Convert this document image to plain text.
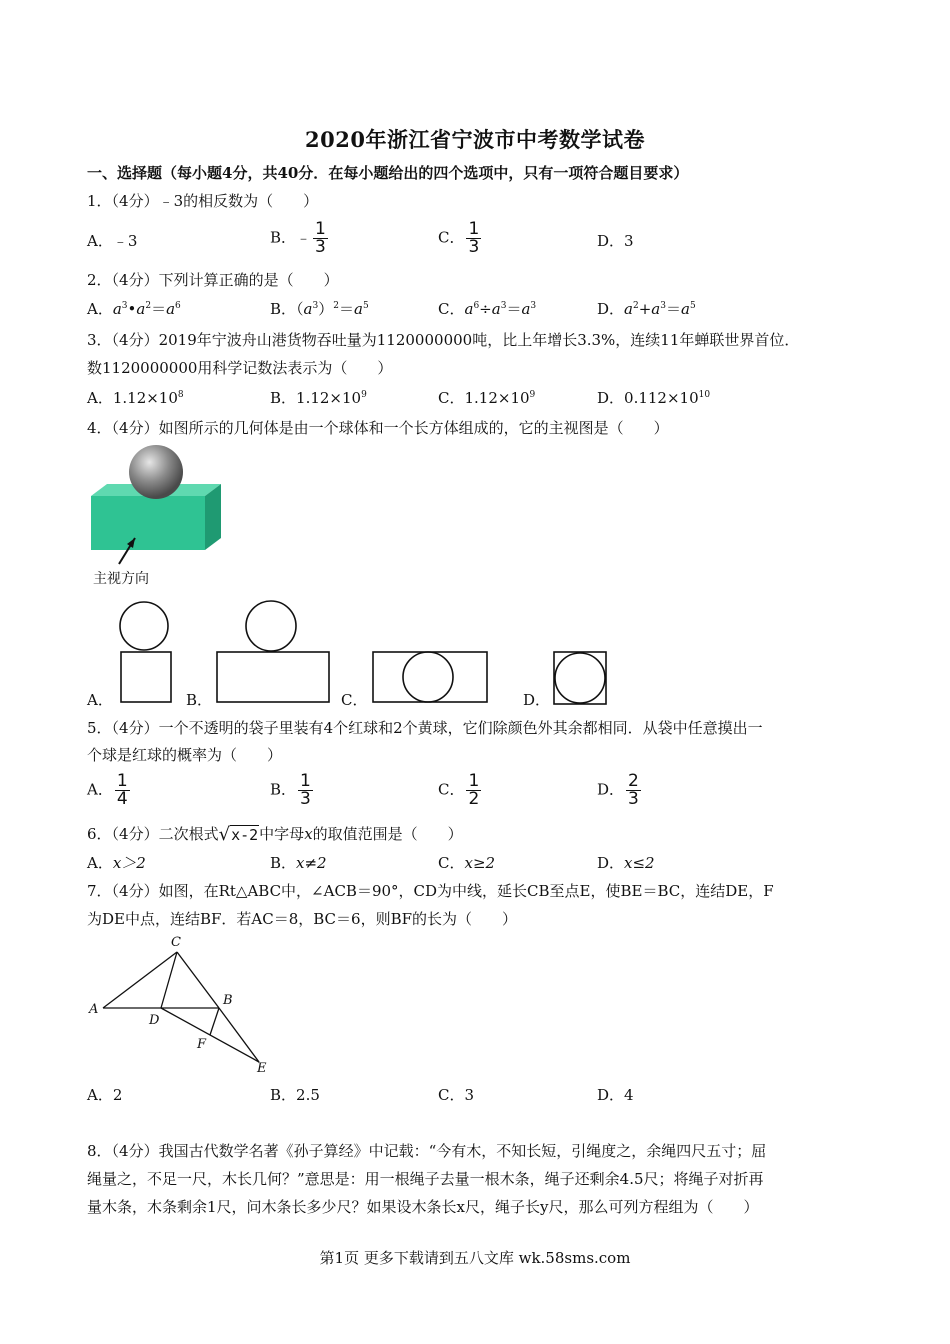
2020年浙江省宁波市中考数学试卷
一、选择题（每小题4分，共40分．在每小题给出的四个选项中，只有一项符合题目要求）
1．（4分）﹣3的相反数为（　　）
A．﹣3	B．﹣ $\frac{1}{3}$	C． $\frac{1}{3}$	D．3
2．（4分）下列计算正确的是（　　）
A．$a^3•a^2=a^6$	B．$(a^3)^2=a^5$	C．$a^6\div a^3=a^3$	D．$a^2+a^3=a^5$
3．（4分）2019年宁波舟山港货物吞吐量为1120000000吨，比上年增长3.3%，连续11年蝉联世界首位．
数1120000000用科学记数法表示为（　　）
A．$1.12\times 10^8$	B．$1.12\times 10^9$	C．$1.12\times 10^9$	D．$0.112\times 10^{10}$
4．（4分）如图所示的几何体是由一个球体和一个长方体组成的，它的主视图是（　　）
主视方向
A．	B．	C．	D．
5．（4分）一个不透明的袋子里装有4个红球和2个黄球，它们除颜色外其余都相同．从袋中任意摸出一
个球是红球的概率为（　　）
A． $\frac{1}{4}$	B． $\frac{1}{3}$	C． $\frac{1}{2}$	D． $\frac{2}{3}$
6．（4分）二次根式√x-2中字母x的取值范围是（　　）
A．x＞2	B．x≠2	C．x≥2	D．x≤2
7．（4分）如图，在Rt△ABC中，∠ACB＝90°，CD为中线，延长CB至点E，使BE＝BC，连结DE，F
为DE中点，连结BF．若AC＝8，BC＝6，则BF的长为（　　）
C
A
D
B
F
E
A．2	B．2.5	C．3	D．4
8．（4分）我国古代数学名著《孙子算经》中记载：“今有木，不知长短，引绳度之，余绳四尺五寸；屈
绳量之，不足一尺，木长几何？”意思是：用一根绳子去量一根木条，绳子还剩余4.5尺；将绳子对折再
量木条，木条剩余1尺，问木条长多少尺？如果设木条长x尺，绳子长y尺，那么可列方程组为（　　）
第1页 更多下载请到五八文库 wk.58sms.com
